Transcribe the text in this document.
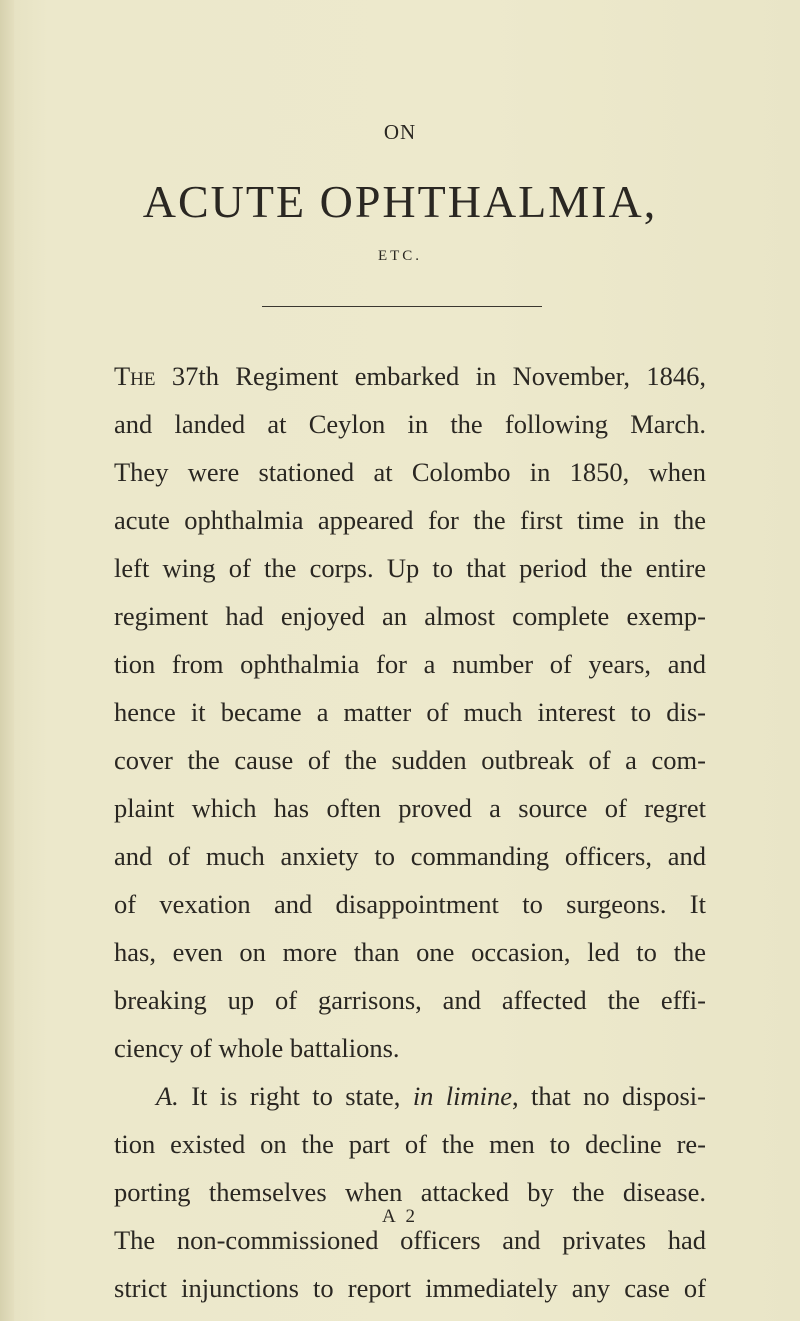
ON
ACUTE OPHTHALMIA,
ETC.
The 37th Regiment embarked in November, 1846,
and landed at Ceylon in the following March.
They were stationed at Colombo in 1850, when
acute ophthalmia appeared for the first time in the
left wing of the corps. Up to that period the entire
regiment had enjoyed an almost complete exemp-
tion from ophthalmia for a number of years, and
hence it became a matter of much interest to dis-
cover the cause of the sudden outbreak of a com-
plaint which has often proved a source of regret
and of much anxiety to commanding officers, and
of vexation and disappointment to surgeons. It
has, even on more than one occasion, led to the
breaking up of garrisons, and affected the effi-
ciency of whole battalions.
A. It is right to state, in limine, that no disposi-
tion existed on the part of the men to decline re-
porting themselves when attacked by the disease.
The non-commissioned officers and privates had
strict injunctions to report immediately any case of
A 2
